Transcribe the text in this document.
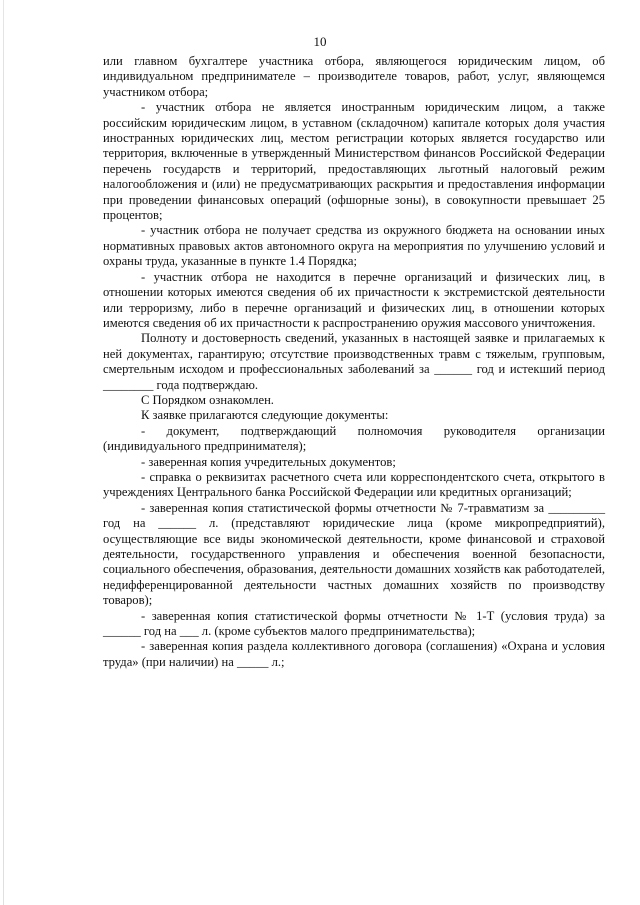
10

или главном бухгалтере участника отбора, являющегося юридическим лицом, об индивидуальном предпринимателе – производителе товаров, работ, услуг, являющемся участником отбора;

- участник отбора не является иностранным юридическим лицом, а также российским юридическим лицом, в уставном (складочном) капитале которых доля участия иностранных юридических лиц, местом регистрации которых является государство или территория, включенные в утвержденный Министерством финансов Российской Федерации перечень государств и территорий, предоставляющих льготный налоговый режим налогообложения и (или) не предусматривающих раскрытия и предоставления информации при проведении финансовых операций (офшорные зоны), в совокупности превышает 25 процентов;

- участник отбора не получает средства из окружного бюджета на основании иных нормативных правовых актов автономного округа на мероприятия по улучшению условий и охраны труда, указанные в пункте 1.4 Порядка;

- участник отбора не находится в перечне организаций и физических лиц, в отношении которых имеются сведения об их причастности к экстремистской деятельности или терроризму, либо в перечне организаций и физических лиц, в отношении которых имеются сведения об их причастности к распространению оружия массового уничтожения.

Полноту и достоверность сведений, указанных в настоящей заявке и прилагаемых к ней документах, гарантирую; отсутствие производственных травм с тяжелым, групповым, смертельным исходом и профессиональных заболеваний за ______ год и истекший период ________ года подтверждаю.

С Порядком ознакомлен.

К заявке прилагаются следующие документы:

- документ, подтверждающий полномочия руководителя организации (индивидуального предпринимателя);

- заверенная копия учредительных документов;

- справка о реквизитах расчетного счета или корреспондентского счета, открытого в учреждениях Центрального банка Российской Федерации или кредитных организаций;

- заверенная копия статистической формы отчетности № 7-травматизм за _________ год на ______ л. (представляют юридические лица (кроме микропредприятий), осуществляющие все виды экономической деятельности, кроме финансовой и страховой деятельности, государственного управления и обеспечения военной безопасности, социального обеспечения, образования, деятельности домашних хозяйств как работодателей, недифференцированной деятельности частных домашних хозяйств по производству товаров);

- заверенная копия статистической формы отчетности № 1-Т (условия труда) за ______ год на ___ л. (кроме субъектов малого предпринимательства);

- заверенная копия раздела коллективного договора (соглашения) «Охрана и условия труда» (при наличии) на _____ л.;
